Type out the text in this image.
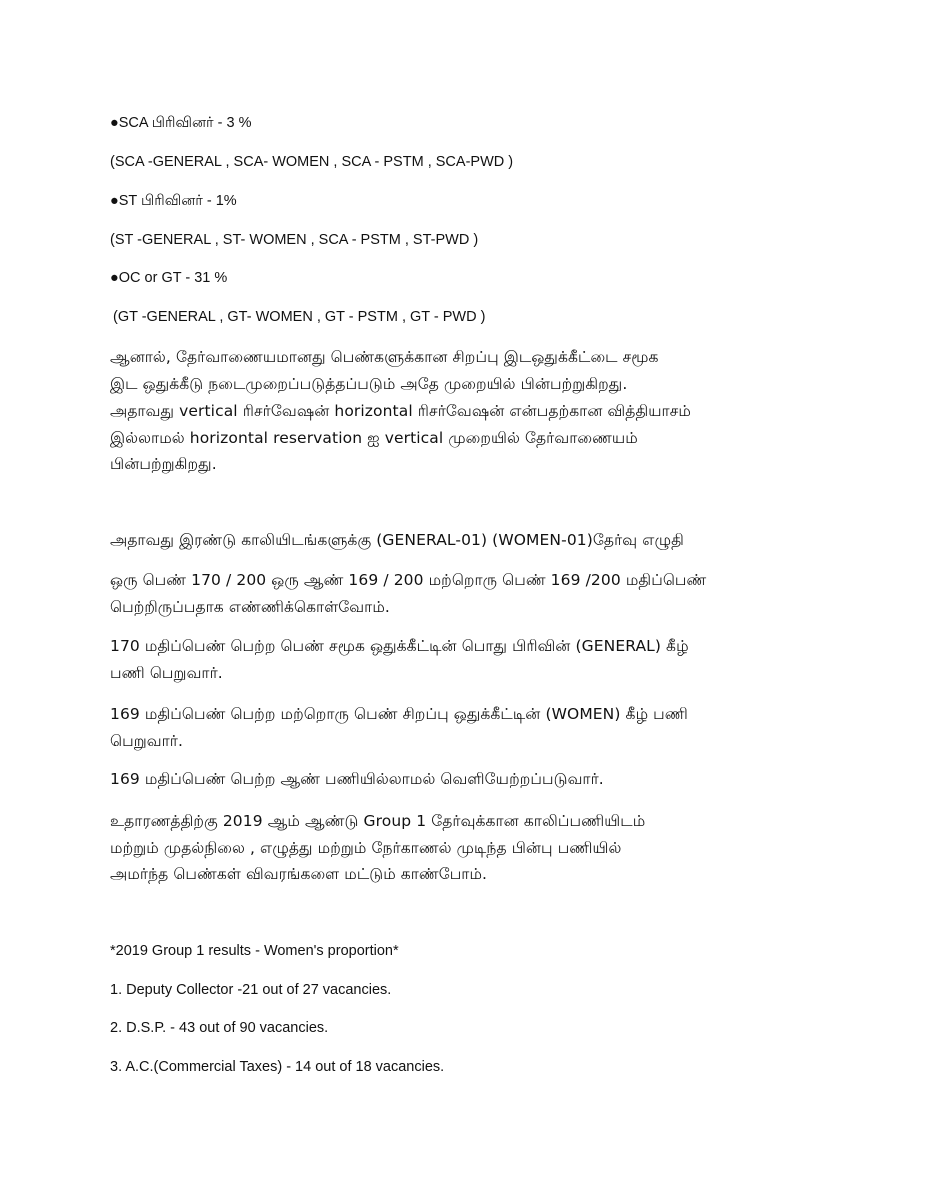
●SCA பிரிவினர் - 3 %
(SCA -GENERAL , SCA- WOMEN , SCA - PSTM , SCA-PWD )
●ST பிரிவினர் - 1%
(ST -GENERAL , ST- WOMEN , SCA - PSTM , ST-PWD )
●OC or GT - 31 %
(GT -GENERAL , GT- WOMEN , GT - PSTM , GT - PWD )
ஆனால், தேர்வாணையமானது பெண்களுக்கான சிறப்பு இடஒதுக்கீட்டை சமூக
இட ஒதுக்கீடு நடைமுறைப்படுத்தப்படும் அதே முறையில் பின்பற்றுகிறது.
அதாவது vertical ரிசர்வேஷன் horizontal ரிசர்வேஷன் என்பதற்கான வித்தியாசம்
இல்லாமல் horizontal reservation ஐ vertical முறையில் தேர்வாணையம்
பின்பற்றுகிறது.
அதாவது இரண்டு காலியிடங்களுக்கு (GENERAL-01) (WOMEN-01)தேர்வு எழுதி
ஒரு பெண் 170 / 200 ஒரு ஆண் 169 / 200 மற்றொரு பெண் 169 /200 மதிப்பெண்
பெற்றிருப்பதாக எண்ணிக்கொள்வோம்.
170 மதிப்பெண் பெற்ற பெண் சமூக ஒதுக்கீட்டின் பொது பிரிவின் (GENERAL) கீழ்
பணி பெறுவார்.
169 மதிப்பெண் பெற்ற மற்றொரு பெண் சிறப்பு ஒதுக்கீட்டின் (WOMEN) கீழ் பணி
பெறுவார்.
169 மதிப்பெண் பெற்ற ஆண் பணியில்லாமல் வெளியேற்றப்படுவார்.
உதாரணத்திற்கு 2019 ஆம் ஆண்டு Group 1 தேர்வுக்கான காலிப்பணியிடம்
மற்றும் முதல்நிலை , எழுத்து மற்றும் நேர்காணல் முடிந்த பின்பு பணியில்
அமர்ந்த பெண்கள் விவரங்களை மட்டும் காண்போம்.
*2019 Group 1 results - Women's proportion*
1. Deputy Collector -21 out of 27 vacancies.
2. D.S.P. - 43 out of 90 vacancies.
3. A.C.(Commercial Taxes) - 14 out of 18 vacancies.
